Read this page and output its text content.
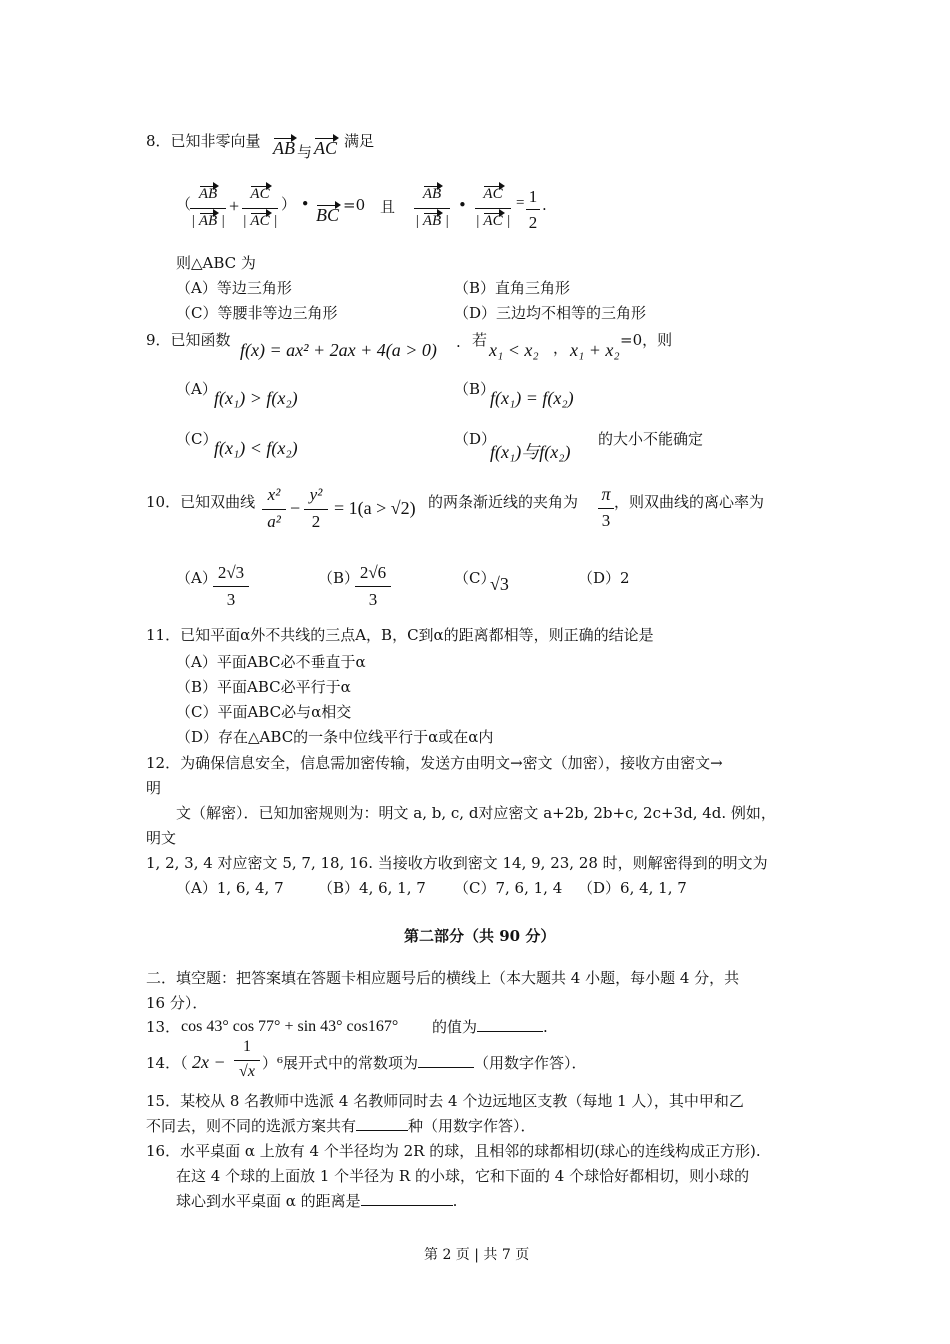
8．已知非零向量 AB 与 AC 满足
（
AB
| AB |
+
AC
| AC |
） •
BC =0 且
AB
| AB |
•
AC
| AC |
= 1
2
.
则△ABC 为
（A）等边三角形	（B）直角三角形
（C）等腰非等边三角形	（D）三边均不相等的三角形
9．已知函数 f(x) = ax² + 2ax + 4(a > 0) . 若 x₁ < x₂ ， x₁ + x₂ =0，则
（A）
f(x₁) > f(x₂)	（B）
f(x₁) = f(x₂)
（C）
f(x₁) < f(x₂)	（D）
f(x₁)与f(x₂)
的大小不能确定
10．已知双曲线 x²
a²
−
y²
2
= 1(a > √2) 的两条渐近线的夹角为 π
3
，则双曲线的离心率为
（A） 2√3
3
（B） 2√6
3
（C）
√3	（D）2
11．已知平面α外不共线的三点A，B，C到α的距离都相等，则正确的结论是
（A）平面ABC必不垂直于α
（B）平面ABC必平行于α
（C）平面ABC必与α相交
（D）存在△ABC的一条中位线平行于α或在α内
12．为确保信息安全，信息需加密传输，发送方由明文→密文（加密），接收方由密文→
明
文（解密）．已知加密规则为：明文 a, b, c, d对应密文 a+2b, 2b+c, 2c+3d, 4d. 例如，
明文
1, 2, 3, 4 对应密文 5, 7, 18, 16. 当接收方收到密文 14, 9, 23, 28 时，则解密得到的明文为
（A）1, 6, 4, 7 （B）4, 6, 1, 7 （C）7, 6, 1, 4 （D）6, 4, 1, 7
第二部分（共 90 分）
二．填空题：把答案填在答题卡相应题号后的横线上（本大题共 4 小题，每小题 4 分，共
16 分）．
13． cos 43° cos 77° + sin 43° cos167° 的值为	.
14．（ 2x −
1
√x ）⁶展开式中的常数项为	（用数字作答）．
15．某校从 8 名教师中选派 4 名教师同时去 4 个边远地区支教（每地 1 人），其中甲和乙
不同去，则不同的选派方案共有	种（用数字作答）．
16．水平桌面 α 上放有 4 个半径均为 2R 的球，且相邻的球都相切(球心的连线构成正方形).
在这 4 个球的上面放 1 个半径为 R 的小球，它和下面的 4 个球恰好都相切，则小球的
球心到水平桌面 α 的距离是	.
第 2 页 | 共 7 页
